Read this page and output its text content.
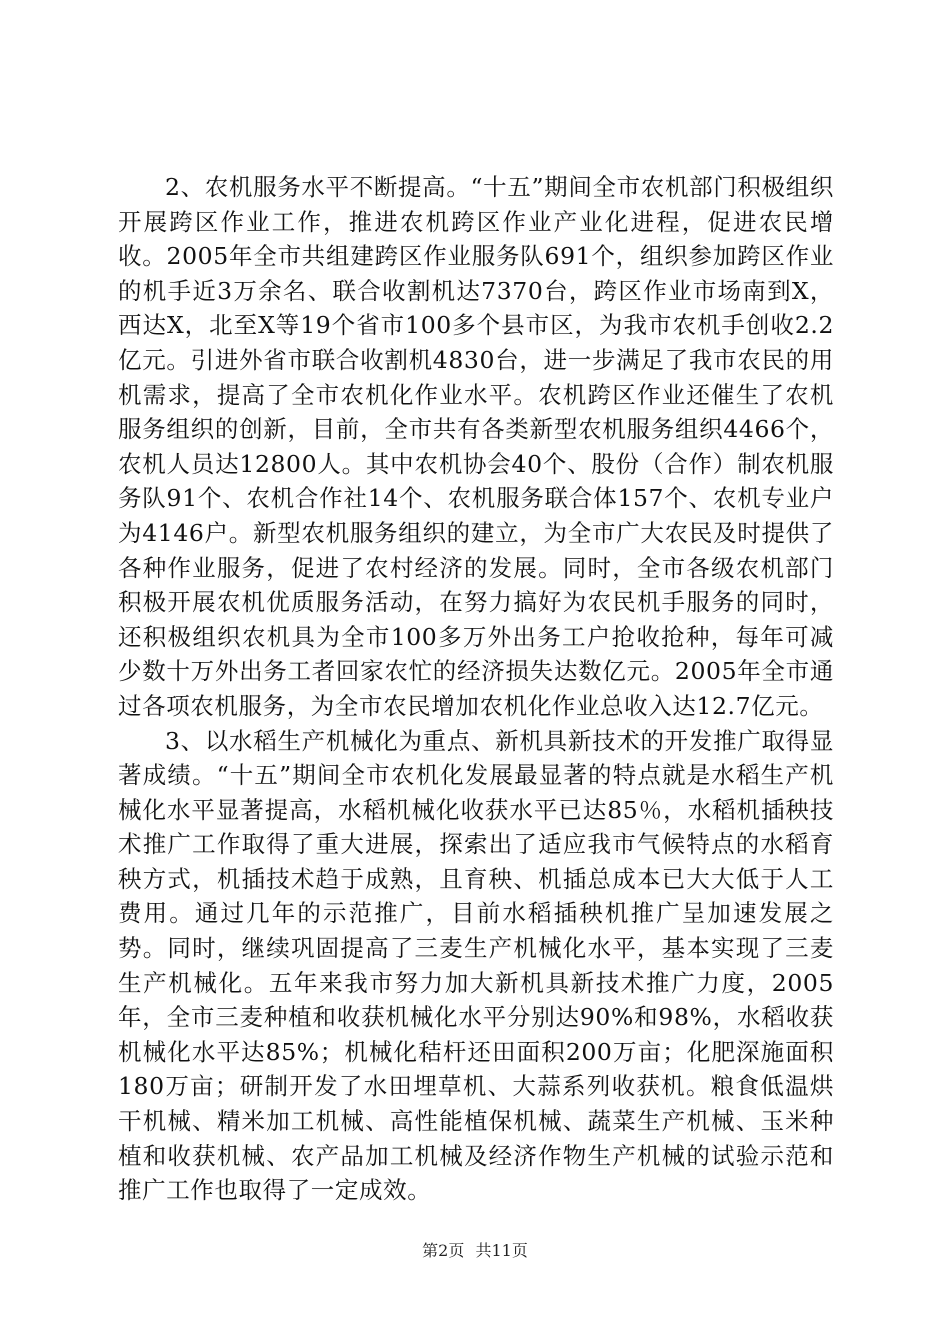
2、农机服务水平不断提高。“十五”期间全市农机部门积极组织开展跨区作业工作，推进农机跨区作业产业化进程，促进农民增收。2005年全市共组建跨区作业服务队691个，组织参加跨区作业的机手近3万余名、联合收割机达7370台，跨区作业市场南到X，西达X，北至X等19个省市100多个县市区，为我市农机手创收2.2亿元。引进外省市联合收割机4830台，进一步满足了我市农民的用机需求，提高了全市农机化作业水平。农机跨区作业还催生了农机服务组织的创新，目前，全市共有各类新型农机服务组织4466个，农机人员达12800人。其中农机协会40个、股份（合作）制农机服务队91个、农机合作社14个、农机服务联合体157个、农机专业户为4146户。新型农机服务组织的建立，为全市广大农民及时提供了各种作业服务，促进了农村经济的发展。同时，全市各级农机部门积极开展农机优质服务活动，在努力搞好为农民机手服务的同时，还积极组织农机具为全市100多万外出务工户抢收抢种，每年可减少数十万外出务工者回家农忙的经济损失达数亿元。2005年全市通过各项农机服务，为全市农民增加农机化作业总收入达12.7亿元。

3、以水稻生产机械化为重点、新机具新技术的开发推广取得显著成绩。“十五”期间全市农机化发展最显著的特点就是水稻生产机械化水平显著提高，水稻机械化收获水平已达85％，水稻机插秧技术推广工作取得了重大进展，探索出了适应我市气候特点的水稻育秧方式，机插技术趋于成熟，且育秧、机插总成本已大大低于人工费用。通过几年的示范推广，目前水稻插秧机推广呈加速发展之势。同时，继续巩固提高了三麦生产机械化水平，基本实现了三麦生产机械化。五年来我市努力加大新机具新技术推广力度，2005年，全市三麦种植和收获机械化水平分别达90%和98%，水稻收获机械化水平达85%；机械化秸杆还田面积200万亩；化肥深施面积180万亩；研制开发了水田埋草机、大蒜系列收获机。粮食低温烘干机械、精米加工机械、高性能植保机械、蔬菜生产机械、玉米种植和收获机械、农产品加工机械及经济作物生产机械的试验示范和推广工作也取得了一定成效。

第2页 共11页
